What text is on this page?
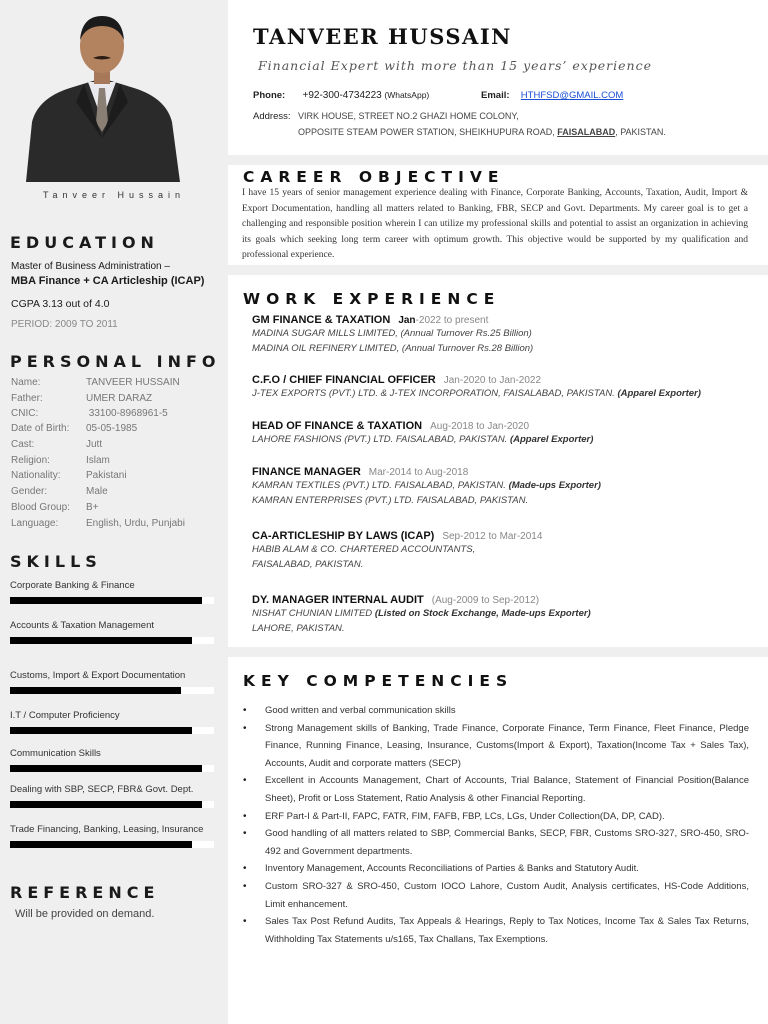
Tanveer Hussain
EDUCATION
Master of Business Administration –
MBA Finance + CA Articleship (ICAP)
CGPA 3.13 out of 4.0
PERIOD: 2009 TO 2011
PERSONAL INFO
Name:	TANVEER HUSSAIN
Father:	UMER DARAZ
CNIC:	33100-8968961-5
Date of Birth: 05-05-1985
Cast:	Jutt
Religion:	Islam
Nationality:	Pakistani
Gender:	Male
Blood Group: B+
Language:	English, Urdu, Punjabi
SKILLS
Corporate Banking & Finance
Accounts & Taxation Management
Customs, Import & Export Documentation
I.T / Computer Proficiency
Communication Skills
Dealing with SBP, SECP, FBR& Govt. Dept.
Trade Financing, Banking, Leasing, Insurance
REFERENCE
Will be provided on demand.
TANVEER HUSSAIN
Financial Expert with more than 15 years’ experience
Phone: +92-300-4734223 (WhatsApp)	Email: HTHFSD@GMAIL.COM
Address: VIRK HOUSE, STREET NO.2 GHAZI HOME COLONY,
OPPOSITE STEAM POWER STATION, SHEIKHUPURA ROAD, FAISALABAD, PAKISTAN.
CAREER OBJECTIVE
I have 15 years of senior management experience dealing with Finance, Corporate Banking, Accounts, Taxation, Audit, Import & Export Documentation, handling all matters related to Banking, FBR, SECP and Govt. Departments. My career goal is to get a challenging and responsible position wherein I can utilize my professional skills and potential to assist an organization in achieving its goals which seeking long term career with optimum growth. This objective would be supported by my qualification and professional experience.
WORK EXPERIENCE
GM FINANCE & TAXATION Jan-2022 to present
MADINA SUGAR MILLS LIMITED, (Annual Turnover Rs.25 Billion)
MADINA OIL REFINERY LIMITED, (Annual Turnover Rs.28 Billion)
C.F.O / CHIEF FINANCIAL OFFICER Jan-2020 to Jan-2022
J-TEX EXPORTS (PVT.) LTD. & J-TEX INCORPORATION, FAISALABAD, PAKISTAN. (Apparel Exporter)
HEAD OF FINANCE & TAXATION Aug-2018 to Jan-2020
LAHORE FASHIONS (PVT.) LTD. FAISALABAD, PAKISTAN. (Apparel Exporter)
FINANCE MANAGER Mar-2014 to Aug-2018
KAMRAN TEXTILES (PVT.) LTD. FAISALABAD, PAKISTAN. (Made-ups Exporter)
KAMRAN ENTERPRISES (PVT.) LTD. FAISALABAD, PAKISTAN.
CA-ARTICLESHIP BY LAWS (ICAP) Sep-2012 to Mar-2014
HABIB ALAM & CO. CHARTERED ACCOUNTANTS,
FAISALABAD, PAKISTAN.
DY. MANAGER INTERNAL AUDIT (Aug-2009 to Sep-2012)
NISHAT CHUNIAN LIMITED (Listed on Stock Exchange, Made-ups Exporter)
LAHORE, PAKISTAN.
KEY COMPETENCIES
• Good written and verbal communication skills
• Strong Management skills of Banking, Trade Finance, Corporate Finance, Term Finance, Fleet Finance, Pledge Finance, Running Finance, Leasing, Insurance, Customs(Import & Export), Taxation(Income Tax + Sales Tax), Accounts, Audit and corporate matters (SECP)
• Excellent in Accounts Management, Chart of Accounts, Trial Balance, Statement of Financial Position(Balance Sheet), Profit or Loss Statement, Ratio Analysis & other Financial Reporting.
• ERF Part-I & Part-II, FAPC, FATR, FIM, FAFB, FBP, LCs, LGs, Under Collection(DA, DP, CAD).
• Good handling of all matters related to SBP, Commercial Banks, SECP, FBR, Customs SRO-327, SRO-450, SRO-492 and Government departments.
• Inventory Management, Accounts Reconciliations of Parties & Banks and Statutory Audit.
• Custom SRO-327 & SRO-450, Custom IOCO Lahore, Custom Audit, Analysis certificates, HS-Code Additions, Limit enhancement.
• Sales Tax Post Refund Audits, Tax Appeals & Hearings, Reply to Tax Notices, Income Tax & Sales Tax Returns, Withholding Tax Statements u/s165, Tax Challans, Tax Exemptions.
